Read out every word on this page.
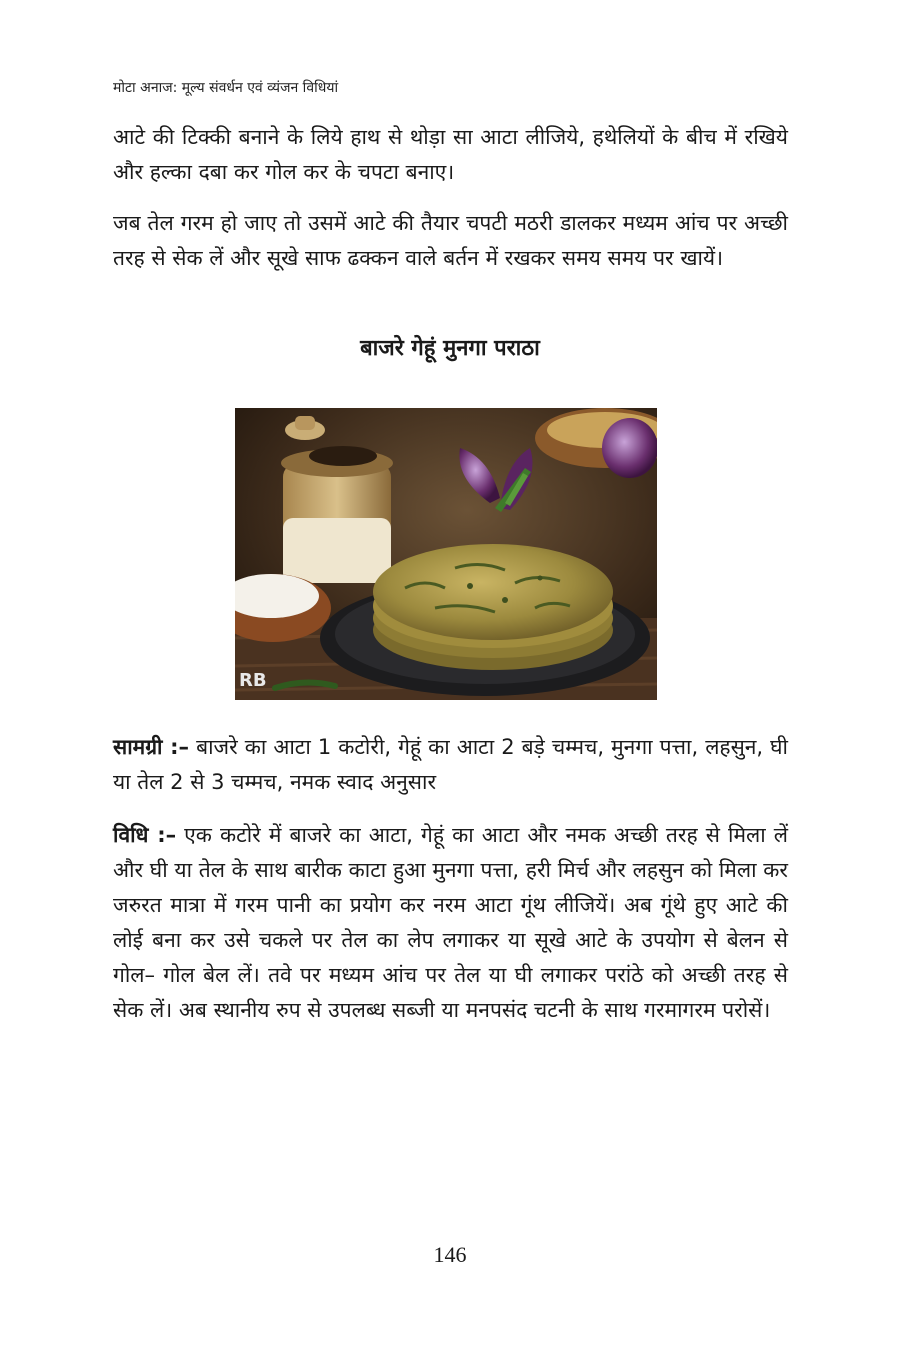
मोटा अनाज: मूल्य संवर्धन एवं व्यंजन विधियां

आटे की टिक्की बनाने के लिये हाथ से थोड़ा सा आटा लीजिये, हथेलियों के बीच में रखिये और हल्का दबा कर गोल कर के चपटा बनाए।

जब तेल गरम हो जाए तो उसमें आटे की तैयार चपटी मठरी डालकर मध्यम आंच पर अच्छी तरह से सेक लें और सूखे साफ ढक्कन वाले बर्तन में रखकर समय समय पर खायें।

बाजरे गेहूं मुनगा पराठा
RB

सामग्री :– बाजरे का आटा 1 कटोरी, गेहूं का आटा 2 बड़े चम्मच, मुनगा पत्ता, लहसुन, घी या तेल 2 से 3 चम्मच, नमक स्वाद अनुसार

विधि :– एक कटोरे में बाजरे का आटा, गेहूं का आटा और नमक अच्छी तरह से मिला लें और घी या तेल के साथ बारीक काटा हुआ मुनगा पत्ता, हरी मिर्च और लहसुन को मिला कर जरुरत मात्रा में गरम पानी का प्रयोग कर नरम आटा गूंथ लीजियें। अब गूंथे हुए आटे की लोई बना कर उसे चकले पर तेल का लेप लगाकर या सूखे आटे के उपयोग से बेलन से गोल– गोल बेल लें। तवे पर मध्यम आंच पर तेल या घी लगाकर परांठे को अच्छी तरह से सेक लें। अब स्थानीय रुप से उपलब्ध सब्जी या मनपसंद चटनी के साथ गरमागरम परोसें।

146
